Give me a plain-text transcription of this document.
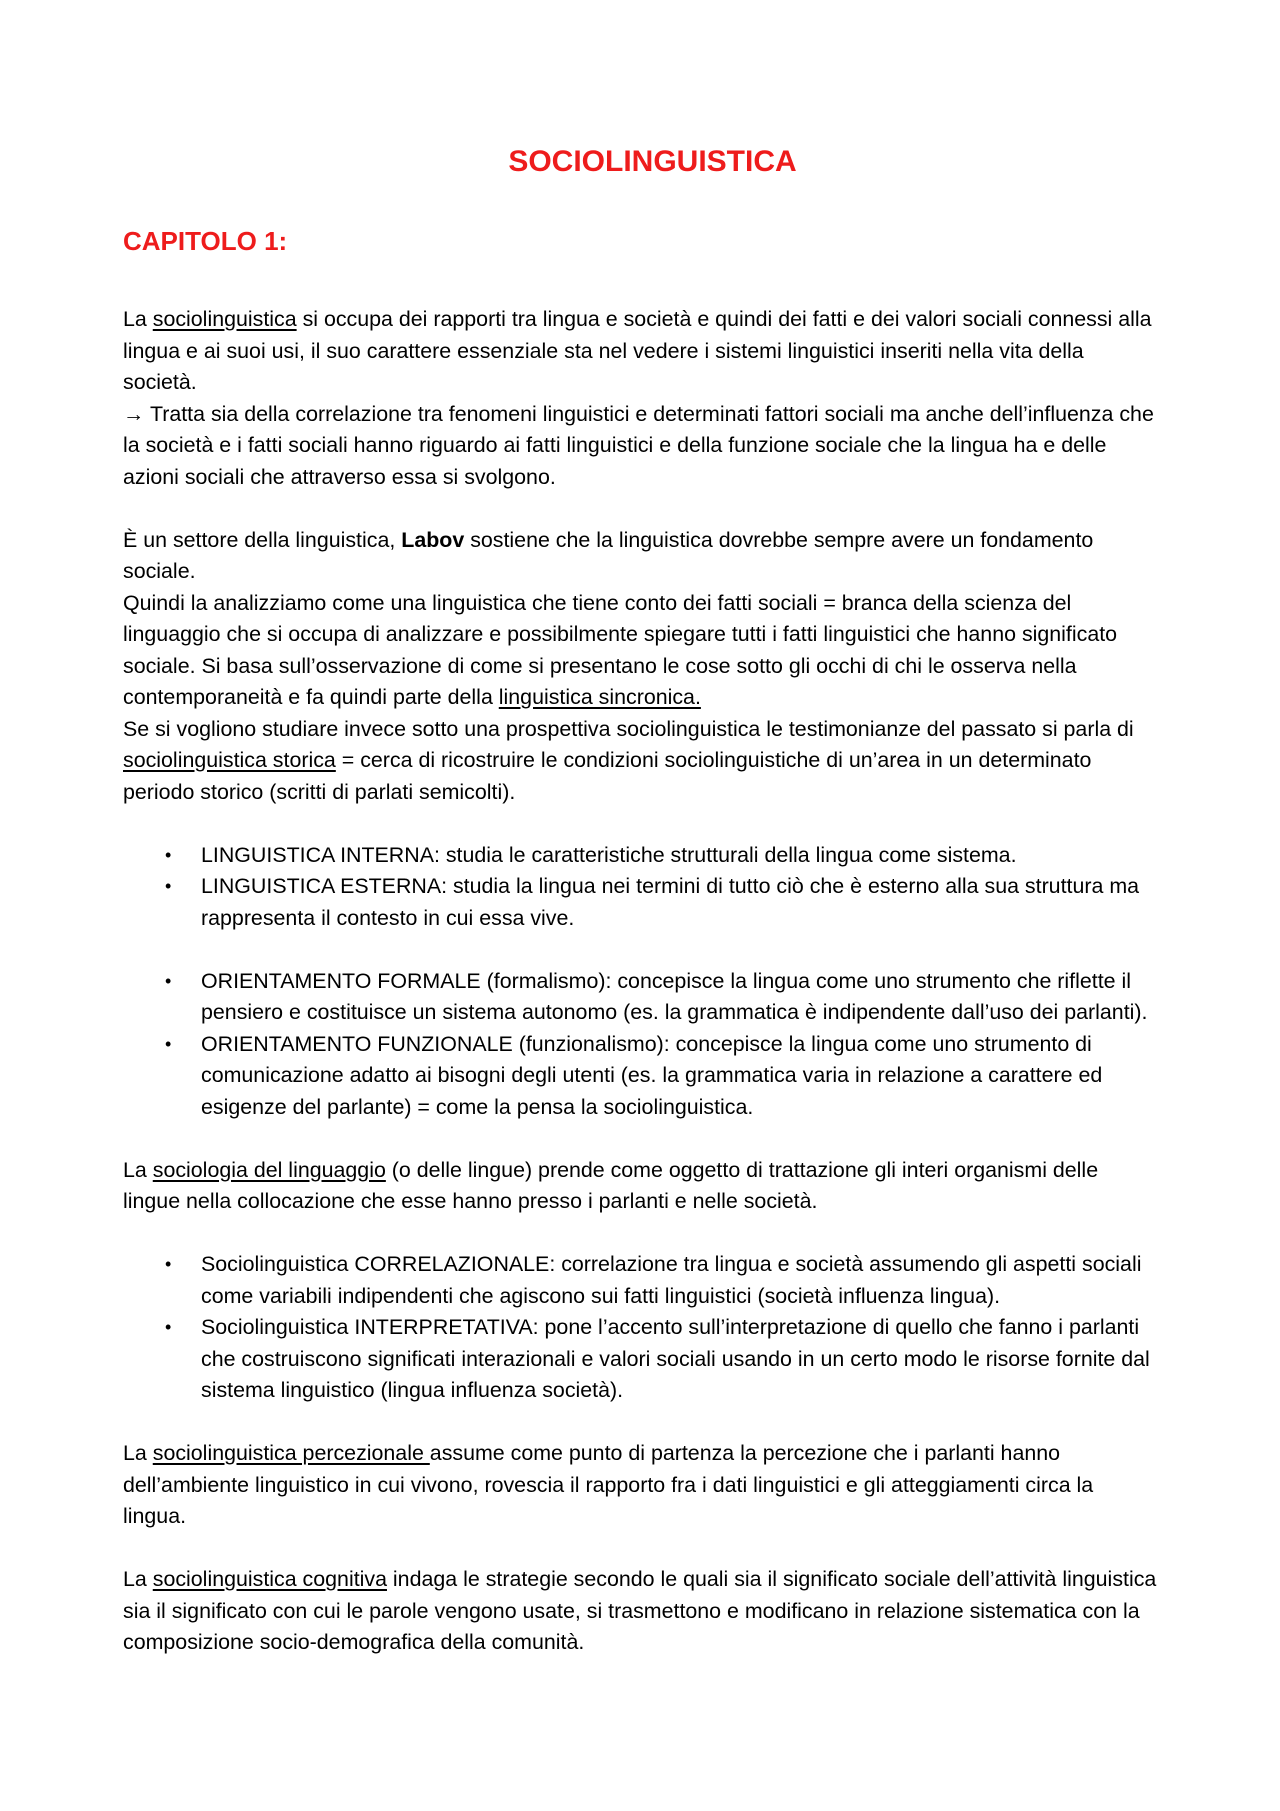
SOCIOLINGUISTICA
CAPITOLO 1:

La sociolinguistica si occupa dei rapporti tra lingua e società e quindi dei fatti e dei valori sociali connessi alla lingua e ai suoi usi, il suo carattere essenziale sta nel vedere i sistemi linguistici inseriti nella vita della società.

→ Tratta sia della correlazione tra fenomeni linguistici e determinati fattori sociali ma anche dell’influenza che la società e i fatti sociali hanno riguardo ai fatti linguistici e della funzione sociale che la lingua ha e delle azioni sociali che attraverso essa si svolgono.

È un settore della linguistica, Labov sostiene che la linguistica dovrebbe sempre avere un fondamento sociale.

Quindi la analizziamo come una linguistica che tiene conto dei fatti sociali = branca della scienza del linguaggio che si occupa di analizzare e possibilmente spiegare tutti i fatti linguistici che hanno significato sociale. Si basa sull’osservazione di come si presentano le cose sotto gli occhi di chi le osserva nella contemporaneità e fa quindi parte della linguistica sincronica.

Se si vogliono studiare invece sotto una prospettiva sociolinguistica le testimonianze del passato si parla di sociolinguistica storica = cerca di ricostruire le condizioni sociolinguistiche di un’area in un determinato periodo storico (scritti di parlati semicolti).

• LINGUISTICA INTERNA: studia le caratteristiche strutturali della lingua come sistema.
• LINGUISTICA ESTERNA: studia la lingua nei termini di tutto ciò che è esterno alla sua struttura ma rappresenta il contesto in cui essa vive.
• ORIENTAMENTO FORMALE (formalismo): concepisce la lingua come uno strumento che riflette il pensiero e costituisce un sistema autonomo (es. la grammatica è indipendente dall’uso dei parlanti).
• ORIENTAMENTO FUNZIONALE (funzionalismo): concepisce la lingua come uno strumento di comunicazione adatto ai bisogni degli utenti (es. la grammatica varia in relazione a carattere ed esigenze del parlante) = come la pensa la sociolinguistica.

La sociologia del linguaggio (o delle lingue) prende come oggetto di trattazione gli interi organismi delle lingue nella collocazione che esse hanno presso i parlanti e nelle società.

• Sociolinguistica CORRELAZIONALE: correlazione tra lingua e società assumendo gli aspetti sociali come variabili indipendenti che agiscono sui fatti linguistici (società influenza lingua).
• Sociolinguistica INTERPRETATIVA: pone l’accento sull’interpretazione di quello che fanno i parlanti che costruiscono significati interazionali e valori sociali usando in un certo modo le risorse fornite dal sistema linguistico (lingua influenza società).

La sociolinguistica percezionale assume come punto di partenza la percezione che i parlanti hanno dell’ambiente linguistico in cui vivono, rovescia il rapporto fra i dati linguistici e gli atteggiamenti circa la lingua.

La sociolinguistica cognitiva indaga le strategie secondo le quali sia il significato sociale dell’attività linguistica sia il significato con cui le parole vengono usate, si trasmettono e modificano in relazione sistematica con la composizione socio-demografica della comunità.
